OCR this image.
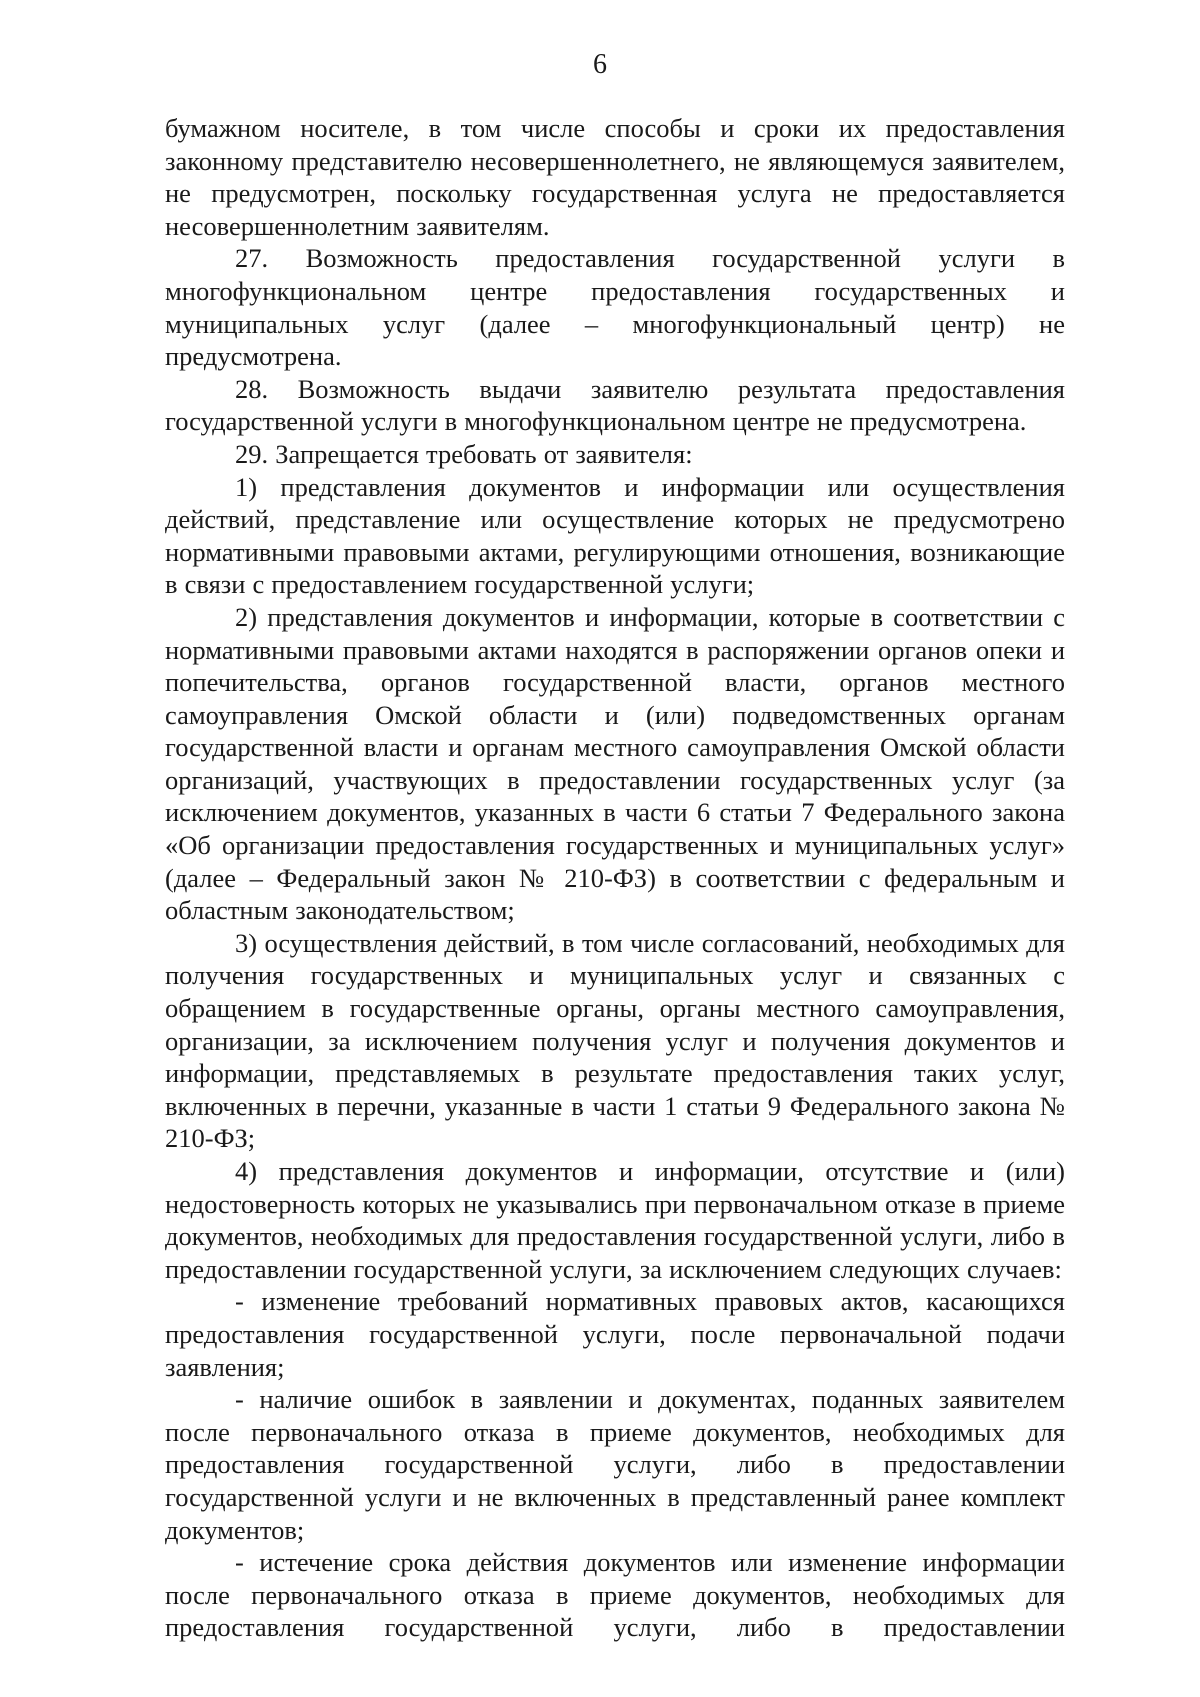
6

бумажном носителе, в том числе способы и сроки их предоставления законному представителю несовершеннолетнего, не являющемуся заявителем, не предусмотрен, поскольку государственная услуга не предоставляется несовершеннолетним заявителям.

27. Возможность предоставления государственной услуги в многофункциональном центре предоставления государственных и муниципальных услуг (далее – многофункциональный центр) не предусмотрена.

28. Возможность выдачи заявителю результата предоставления государственной услуги в многофункциональном центре не предусмотрена.

29. Запрещается требовать от заявителя:

1) представления документов и информации или осуществления действий, представление или осуществление которых не предусмотрено нормативными правовыми актами, регулирующими отношения, возникающие в связи с предоставлением государственной услуги;

2) представления документов и информации, которые в соответствии с нормативными правовыми актами находятся в распоряжении органов опеки и попечительства, органов государственной власти, органов местного самоуправления Омской области и (или) подведомственных органам государственной власти и органам местного самоуправления Омской области организаций, участвующих в предоставлении государственных услуг (за исключением документов, указанных в части 6 статьи 7 Федерального закона «Об организации предоставления государственных и муниципальных услуг» (далее – Федеральный закон № 210-ФЗ) в соответствии с федеральным и областным законодательством;

3) осуществления действий, в том числе согласований, необходимых для получения государственных и муниципальных услуг и связанных с обращением в государственные органы, органы местного самоуправления, организации, за исключением получения услуг и получения документов и информации, представляемых в результате предоставления таких услуг, включенных в перечни, указанные в части 1 статьи 9 Федерального закона № 210-ФЗ;

4) представления документов и информации, отсутствие и (или) недостоверность которых не указывались при первоначальном отказе в приеме документов, необходимых для предоставления государственной услуги, либо в предоставлении государственной услуги, за исключением следующих случаев:

- изменение требований нормативных правовых актов, касающихся предоставления государственной услуги, после первоначальной подачи заявления;

- наличие ошибок в заявлении и документах, поданных заявителем после первоначального отказа в приеме документов, необходимых для предоставления государственной услуги, либо в предоставлении государственной услуги и не включенных в представленный ранее комплект документов;

- истечение срока действия документов или изменение информации после первоначального отказа в приеме документов, необходимых для предоставления государственной услуги, либо в предоставлении
